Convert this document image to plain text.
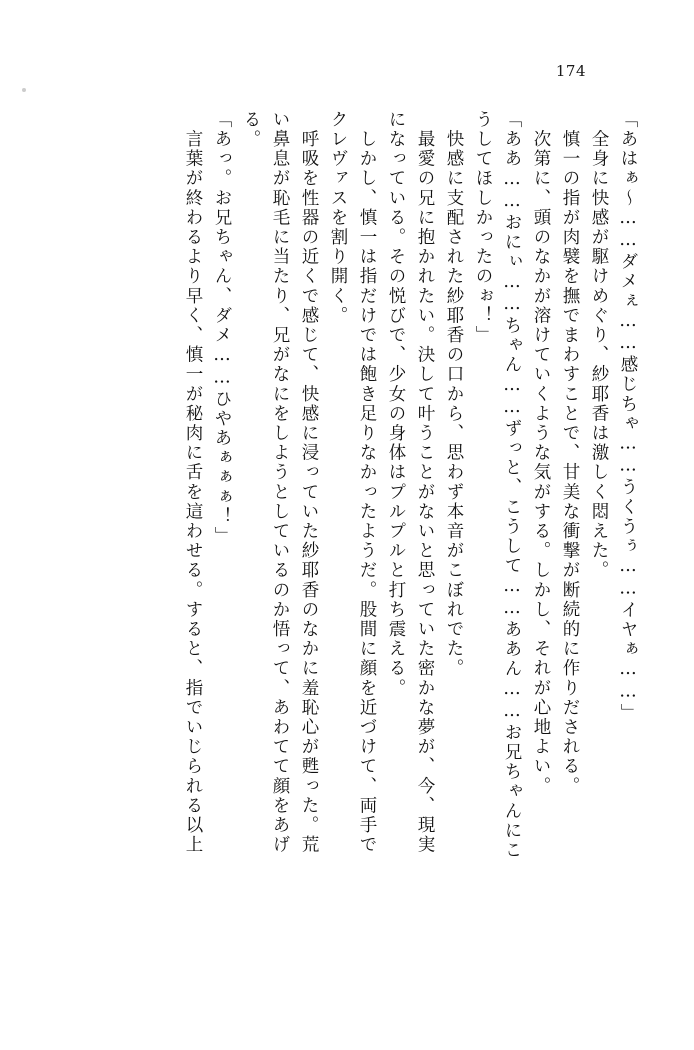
174
「あはぁ～……ダメぇ……感じちゃ……うくうぅ……イヤぁ……」
　全身に快感が駆けめぐり、紗耶香は激しく悶えた。
　慎一の指が肉襞を撫でまわすことで、甘美な衝撃が断続的に作りだされる。
　次第に、頭のなかが溶けていくような気がする。しかし、それが心地よい。
「ああ……おにぃ……ちゃん……ずっと、こうして……ああん……お兄ちゃんにこ
うしてほしかったのぉ！」
　快感に支配された紗耶香の口から、思わず本音がこぼれでた。
　最愛の兄に抱かれたい。決して叶うことがないと思っていた密かな夢が、今、現実
になっている。その悦びで、少女の身体はプルプルと打ち震える。
　しかし、慎一は指だけでは飽き足りなかったようだ。股間に顔を近づけて、両手で
クレヴァスを割り開く。
　呼吸を性器の近くで感じて、快感に浸っていた紗耶香のなかに羞恥心が甦った。荒
い鼻息が恥毛に当たり、兄がなにをしようとしているのか悟って、あわてて顔をあげ
る。
「あっ。お兄ちゃん、ダメ……ひやあぁぁぁ！」
　言葉が終わるより早く、慎一が秘肉に舌を這わせる。すると、指でいじられる以上
